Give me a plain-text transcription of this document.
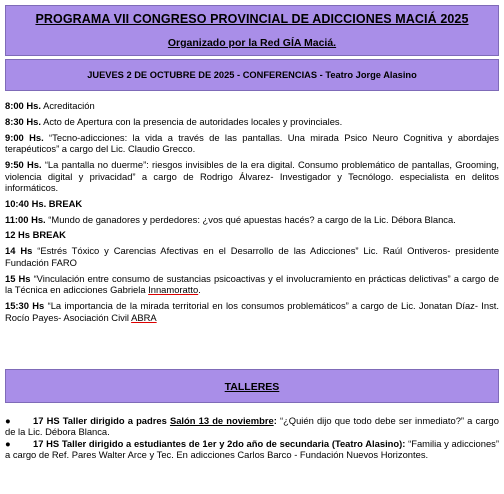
PROGRAMA VII CONGRESO PROVINCIAL DE ADICCIONES MACIÁ 2025
Organizado por la Red GÍA Maciá.
JUEVES 2 DE OCTUBRE DE 2025 - CONFERENCIAS - Teatro Jorge Alasino
8:00 Hs. Acreditación
8:30 Hs. Acto de Apertura con la presencia de autoridades locales y provinciales.
9:00 Hs. “Tecno-adicciones: la vida a través de las pantallas. Una mirada Psico Neuro Cognitiva y abordajes terapéuticos” a cargo del Lic. Claudio Grecco.
9:50 Hs. “La pantalla no duerme”: riesgos invisibles de la era digital. Consumo problemático de pantallas, Grooming, violencia digital y privacidad” a cargo de Rodrigo Álvarez- Investigador y Tecnólogo. especialista en delitos informáticos.
10:40 Hs. BREAK
11:00 Hs. “Mundo de ganadores y perdedores: ¿vos qué apuestas hacés? a cargo de la Lic. Débora Blanca.
12 Hs BREAK
14 Hs “Estrés Tóxico y Carencias Afectivas en el Desarrollo de las Adicciones” Lic. Raúl Ontiveros- presidente Fundación FARO
15 Hs “Vinculación entre consumo de sustancias psicoactivas y el involucramiento en prácticas delictivas” a cargo de la Técnica en adicciones Gabriela Innamoratto.
15:30 Hs “La importancia de la mirada territorial en los consumos problemáticos” a cargo de Lic. Jonatan Díaz- Inst. Rocío Payes- Asociación Civil ABRA
TALLERES
● 17 HS Taller dirigido a padres Salón 13 de noviembre: “¿Quién dijo que todo debe ser inmediato?” a cargo de la Lic. Débora Blanca.
● 17 HS Taller dirigido a estudiantes de 1er y 2do año de secundaria (Teatro Alasino): “Familia y adicciones” a cargo de Ref. Pares Walter Arce y Tec. En adicciones Carlos Barco - Fundación Nuevos Horizontes.
